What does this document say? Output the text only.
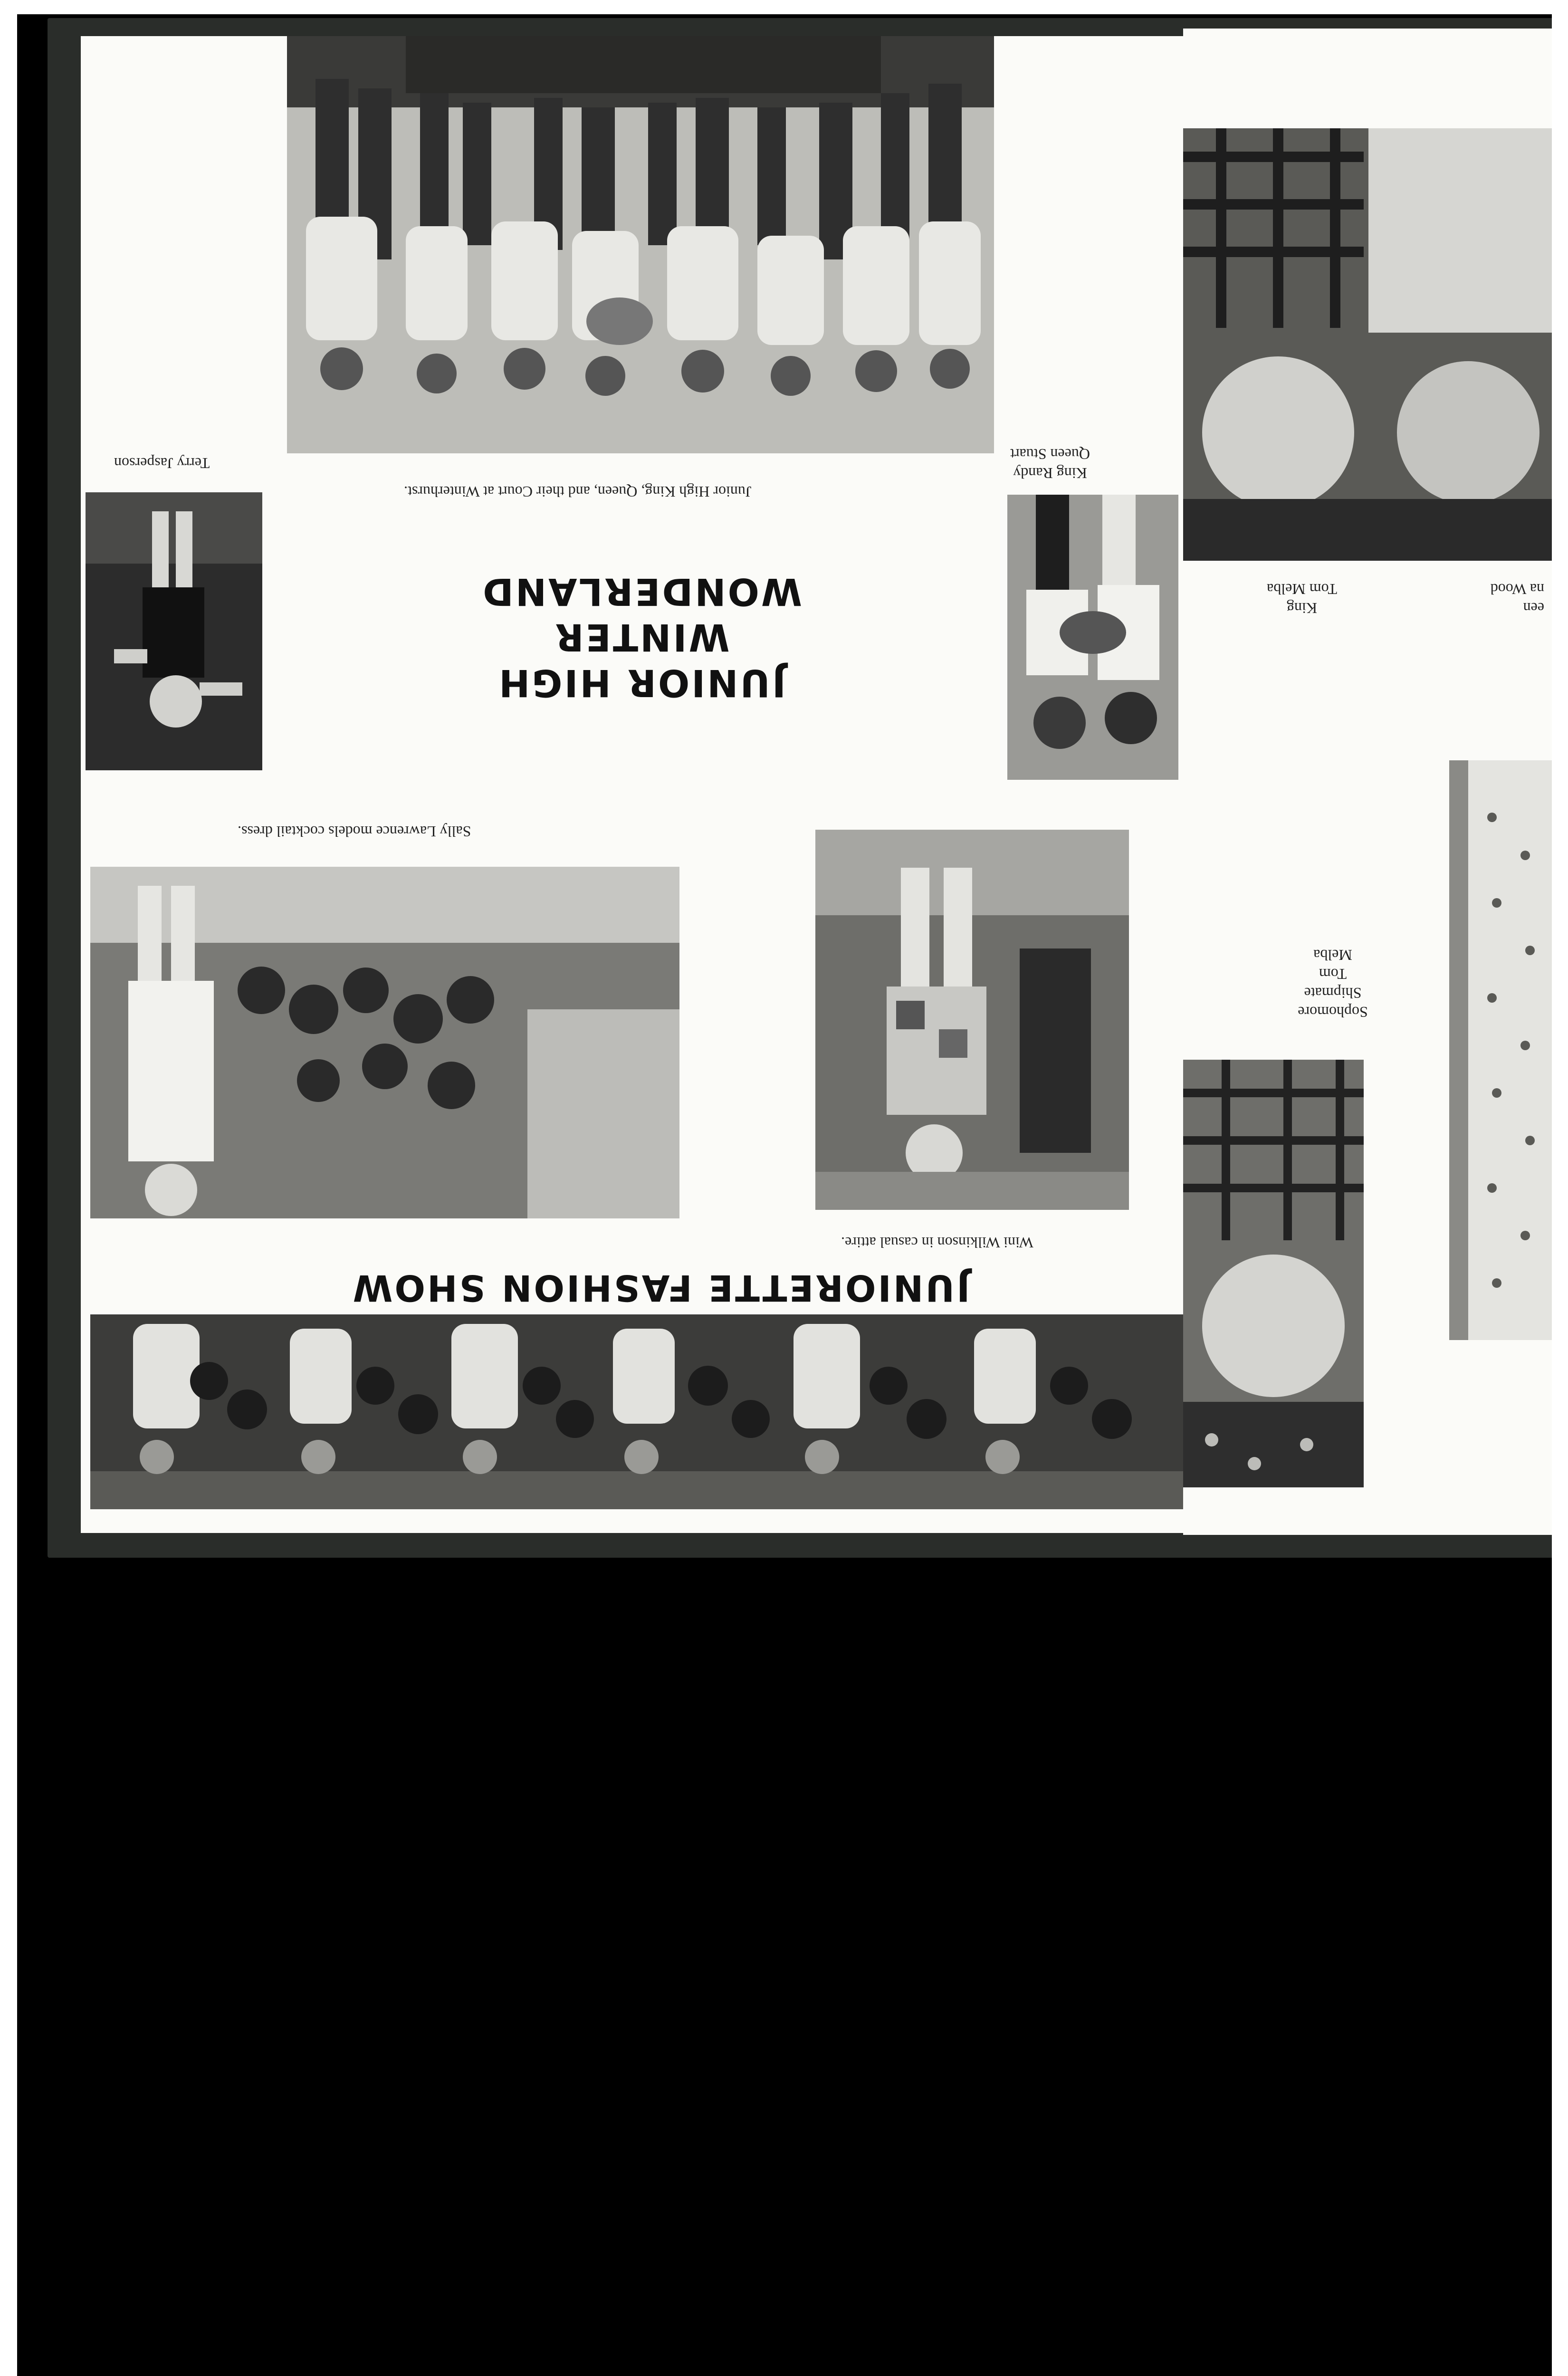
Junior High King, Queen, and their Court at Winterhurst.
Terry Jasperson
King Randy
Queen Stuart
JUNIOR HIGH
WINTER
WONDERLAND
Sally Lawrence models cocktail dress.
Wini Wilkinson in casual attire.
JUNIORETTE FASHION SHOW
King
Tom Melba
een
na Wood
Sophomore
Shipmate
Tom
Melba
